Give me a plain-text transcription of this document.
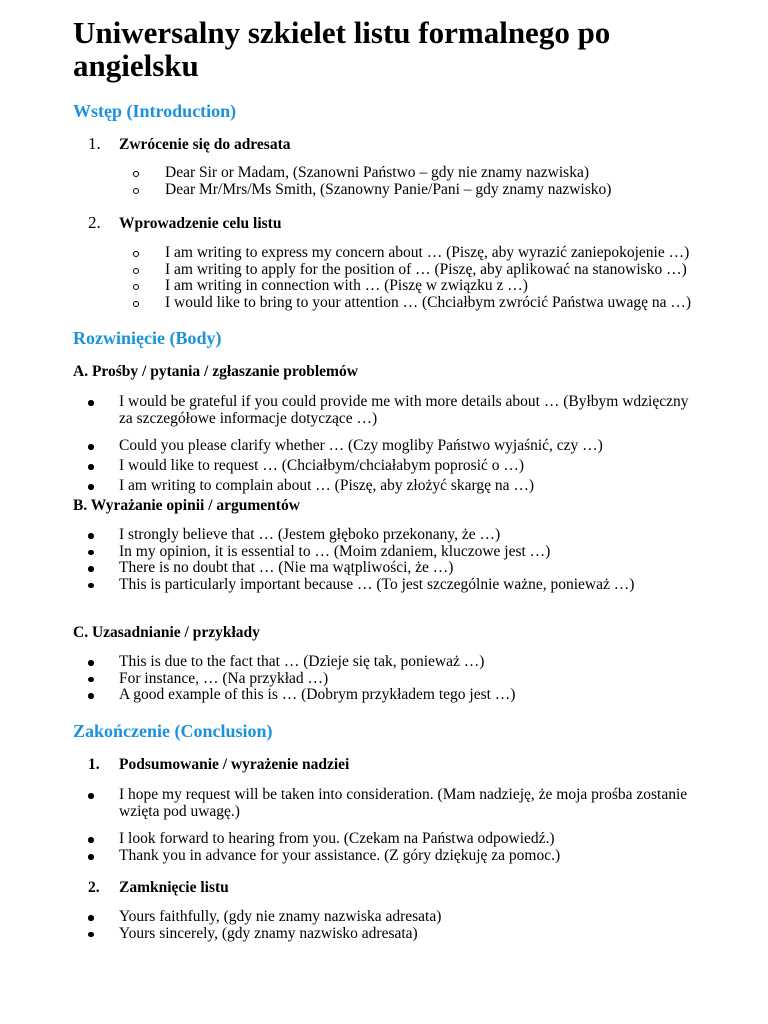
Uniwersalny szkielet listu formalnego po angielsku
Wstęp (Introduction)
1.	Zwrócenie się do adresata
Dear Sir or Madam, (Szanowni Państwo – gdy nie znamy nazwiska)
Dear Mr/Mrs/Ms Smith, (Szanowny Panie/Pani – gdy znamy nazwisko)
2.	Wprowadzenie celu listu
I am writing to express my concern about … (Piszę, aby wyrazić zaniepokojenie …)
I am writing to apply for the position of … (Piszę, aby aplikować na stanowisko …)
I am writing in connection with … (Piszę w związku z …)
I would like to bring to your attention … (Chciałbym zwrócić Państwa uwagę na …)
Rozwinięcie (Body)

A. Prośby / pytania / zgłaszanie problemów

I would be grateful if you could provide me with more details about … (Byłbym wdzięczny za szczegółowe informacje dotyczące …)
Could you please clarify whether … (Czy mogliby Państwo wyjaśnić, czy …)
I would like to request … (Chciałbym/chciałabym poprosić o …)
I am writing to complain about … (Piszę, aby złożyć skargę na …)

B. Wyrażanie opinii / argumentów

I strongly believe that … (Jestem głęboko przekonany, że …)
In my opinion, it is essential to … (Moim zdaniem, kluczowe jest …)
There is no doubt that … (Nie ma wątpliwości, że …)
This is particularly important because … (To jest szczególnie ważne, ponieważ …)

C. Uzasadnianie / przykłady

This is due to the fact that … (Dzieje się tak, ponieważ …)
For instance, … (Na przykład …)
A good example of this is … (Dobrym przykładem tego jest …)
Zakończenie (Conclusion)
1.	Podsumowanie / wyrażenie nadziei
I hope my request will be taken into consideration. (Mam nadzieję, że moja prośba zostanie wzięta pod uwagę.)
I look forward to hearing from you. (Czekam na Państwa odpowiedź.)
Thank you in advance for your assistance. (Z góry dziękuję za pomoc.)
2.	Zamknięcie listu
Yours faithfully, (gdy nie znamy nazwiska adresata)
Yours sincerely, (gdy znamy nazwisko adresata)
